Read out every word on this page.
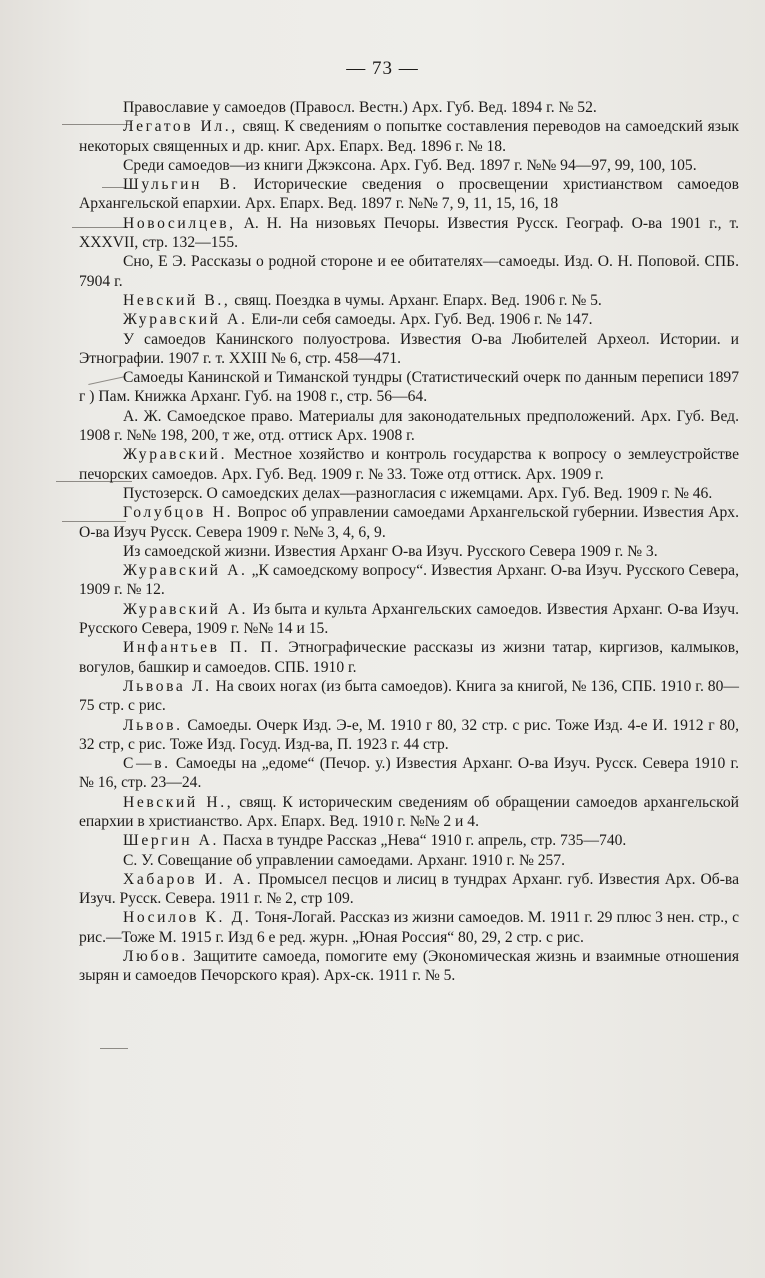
— 73 —

Православие у самоедов (Правосл. Вестн.) Арх. Губ. Вед. 1894 г. № 52.

Легатов Ил., свящ. К сведениям о попытке составления переводов на самоедский язык некоторых священных и др. книг. Арх. Епарх. Вед. 1896 г. № 18.

Среди самоедов—из книги Джэксона. Арх. Губ. Вед. 1897 г. №№ 94—97, 99, 100, 105.

Шульгин В. Исторические сведения о просвещении христианством самоедов Архангельской епархии. Арх. Епарх. Вед. 1897 г. №№ 7, 9, 11, 15, 16, 18

Новосилцев, А. Н. На низовьях Печоры. Известия Русск. Географ. О-ва 1901 г., т. XXXVII, стр. 132—155.

Сно, Е Э. Рассказы о родной стороне и ее обитателях—самоеды. Изд. О. Н. Поповой. СПБ. 7904 г.

Невский В., свящ. Поездка в чумы. Арханг. Епарх. Вед. 1906 г. № 5.

Журавский А. Ели-ли себя самоеды. Арх. Губ. Вед. 1906 г. № 147.

У самоедов Канинского полуострова. Известия О-ва Любителей Археол. Истории. и Этнографии. 1907 г. т. XXIII № 6, стр. 458—471.

Самоеды Канинской и Тиманской тундры (Статистический очерк по данным переписи 1897 г ) Пам. Книжка Арханг. Губ. на 1908 г., стр. 56—64.

А. Ж. Самоедское право. Материалы для законодательных предположений. Арх. Губ. Вед. 1908 г. №№ 198, 200, т же, отд. оттиск Арх. 1908 г.

Журавский. Местное хозяйство и контроль государства к вопросу о землеустройстве печорских самоедов. Арх. Губ. Вед. 1909 г. № 33. Тоже отд оттиск. Арх. 1909 г.

Пустозерск. О самоедских делах—разногласия с ижемцами. Арх. Губ. Вед. 1909 г. № 46.

Голубцов Н. Вопрос об управлении самоедами Архангельской губернии. Известия Арх. О-ва Изуч Русск. Севера 1909 г. №№ 3, 4, 6, 9.

Из самоедской жизни. Известия Арханг О-ва Изуч. Русского Севера 1909 г. № 3.

Журавский А. „К самоедскому вопросу“. Известия Арханг. О-ва Изуч. Русского Севера, 1909 г. № 12.

Журавский А. Из быта и культа Архангельских самоедов. Известия Арханг. О-ва Изуч. Русского Севера, 1909 г. №№ 14 и 15.

Инфантьев П. П. Этнографические рассказы из жизни татар, киргизов, калмыков, вогулов, башкир и самоедов. СПБ. 1910 г.

Львова Л. На своих ногах (из быта самоедов). Книга за книгой, № 136, СПБ. 1910 г. 80—75 стр. с рис.

Львов. Самоеды. Очерк Изд. Э-е, М. 1910 г 80, 32 стр. с рис. Тоже Изд. 4-е И. 1912 г 80, 32 стр, с рис. Тоже Изд. Госуд. Изд-ва, П. 1923 г. 44 стр.

С—в. Самоеды на „едоме“ (Печор. у.) Известия Арханг. О-ва Изуч. Русск. Севера 1910 г. № 16, стр. 23—24.

Невский Н., свящ. К историческим сведениям об обращении самоедов архангельской епархии в христианство. Арх. Епарх. Вед. 1910 г. №№ 2 и 4.

Шергин А. Пасха в тундре Рассказ „Нева“ 1910 г. апрель, стр. 735—740.

С. У. Совещание об управлении самоедами. Арханг. 1910 г. № 257.

Хабаров И. А. Промысел песцов и лисиц в тундрах Арханг. губ. Известия Арх. Об-ва Изуч. Русск. Севера. 1911 г. № 2, стр 109.

Носилов К. Д. Тоня-Логай. Рассказ из жизни самоедов. М. 1911 г. 29 плюс 3 нен. стр., с рис.—Тоже М. 1915 г. Изд 6 е ред. журн. „Юная Россия“ 80, 29, 2 стр. с рис.

Любов. Защитите самоеда, помогите ему (Экономическая жизнь и взаимные отношения зырян и самоедов Печорского края). Арх-ск. 1911 г. № 5.
